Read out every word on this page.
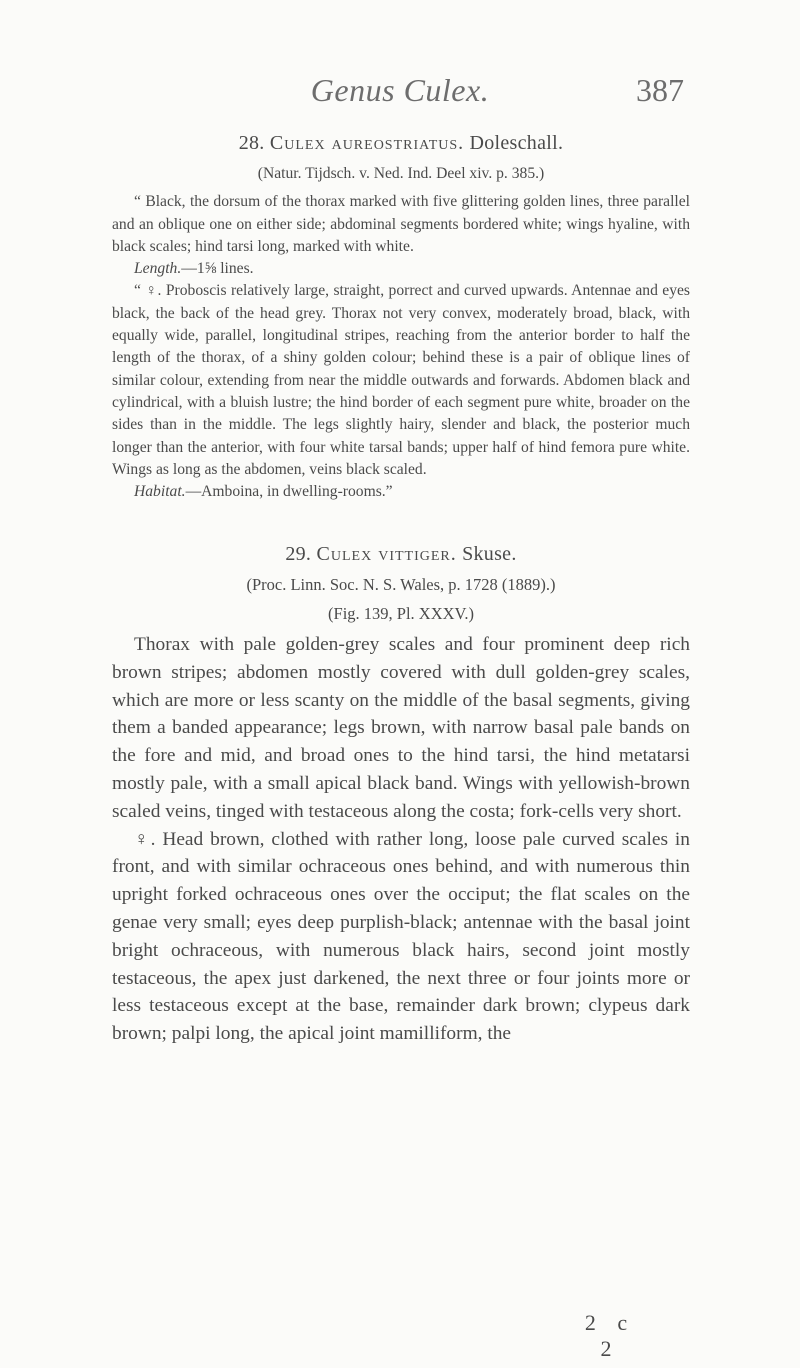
Genus Culex.	387
28. Culex aureostriatus. Doleschall.

(Natur. Tijdsch. v. Ned. Ind. Deel xiv. p. 385.)

“ Black, the dorsum of the thorax marked with five glittering golden lines, three parallel and an oblique one on either side; abdominal segments bordered white; wings hyaline, with black scales; hind tarsi long, marked with white.

Length.—1⅝ lines.

“ ♀. Proboscis relatively large, straight, porrect and curved upwards. Antennae and eyes black, the back of the head grey. Thorax not very convex, moderately broad, black, with equally wide, parallel, longitudinal stripes, reaching from the anterior border to half the length of the thorax, of a shiny golden colour; behind these is a pair of oblique lines of similar colour, extending from near the middle outwards and forwards. Abdomen black and cylindrical, with a bluish lustre; the hind border of each segment pure white, broader on the sides than in the middle. The legs slightly hairy, slender and black, the posterior much longer than the anterior, with four white tarsal bands; upper half of hind femora pure white. Wings as long as the abdomen, veins black scaled.

Habitat.—Amboina, in dwelling-rooms.”

29. Culex vittiger. Skuse.

(Proc. Linn. Soc. N. S. Wales, p. 1728 (1889).)

(Fig. 139, Pl. XXXV.)

Thorax with pale golden-grey scales and four prominent deep rich brown stripes; abdomen mostly covered with dull golden-grey scales, which are more or less scanty on the middle of the basal segments, giving them a banded appearance; legs brown, with narrow basal pale bands on the fore and mid, and broad ones to the hind tarsi, the hind metatarsi mostly pale, with a small apical black band. Wings with yellowish-brown scaled veins, tinged with testaceous along the costa; fork-cells very short.

♀. Head brown, clothed with rather long, loose pale curved scales in front, and with similar ochraceous ones behind, and with numerous thin upright forked ochraceous ones over the occiput; the flat scales on the genae very small; eyes deep purplish-black; antennae with the basal joint bright ochraceous, with numerous black hairs, second joint mostly testaceous, the apex just darkened, the next three or four joints more or less testaceous except at the base, remainder dark brown; clypeus dark brown; palpi long, the apical joint mamilliform, the

2 c 2
